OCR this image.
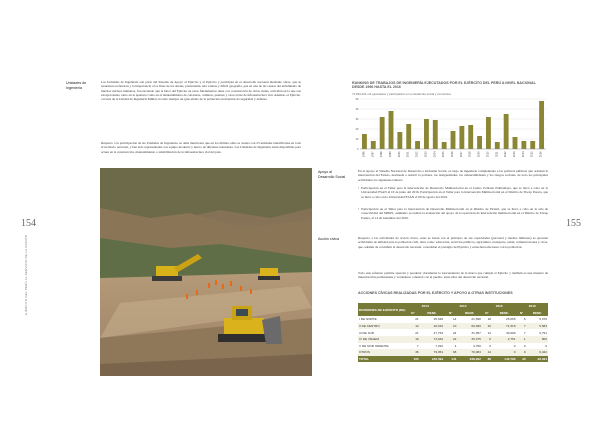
Unidades de Ingeniería
Las Unidades de Ingeniería son parte del Sistema de Apoyo al Ejército y al Ejército y participan en el desarrollo nacional mediante obras, que se resuelven en función y la importancia a los fines de los Andes, presentando una valiosa y difícil geografía, que en una de las causas del aislamiento de muchos núcleos humanos, favoreciendo que la labor del Ejército en estos fundamentos tiene a la construcción de obras viales, actividad en la que son excepcionales, tanto en la apertura como en el mantenimiento de carreteras, caminos, puentes y otros obras de infraestructura vial. Además, el Ejército, a través de la Unidad de Ingeniería Militar, ha sido siempre un gran aliado de la población en materias de seguridad y defensa.
Respecto a la participación de las Unidades de Ingeniería, se debe mencionar que en los últimos años se cuenta con 23 unidades identificadas en todo el territorio nacional, y han sido representadas con equipo moderno y nuevo de diferente naturaleza. Las Unidades de Ingeniería están disponibles para actuar en la construcción, mantenimiento o rehabilitación de la infraestructura vial del país.
154
EJÉRCITO DEL PERÚ AL SERVICIO DE LA NACIÓN
RANKING DE TRABAJOS DE INGENIERÍA EJECUTADOS POR EL EJÉRCITO DEL PERÚ A NIVEL NACIONAL DESDE 1996 HASTA EL 2016
71,694,231 m2 ejecutados y participación en el desarrollo social y económico
0
10
20
30
40
50
1996 1997 1998 1999 2000 2001 2002 2003 2004 2005 2006 2007 2008 2009 2010 2011 2012 2013 2014 2015 2016
Apoyo al Desarrollo Social
En el Apoyo al Sistema Nacional de Desarrollo e Inclusión Social, el cargo de ingeniería complementa a las políticas públicas que orientan la intervención del Estado, destinada a reducir la pobreza, las desigualdades, las vulnerabilidades y los riesgos sociales, de todo los principales actividades los siguientes talleres:
• Participación en el Taller para la intervención de Desarrollo Multisectorial en el Centro Poblado Palmaldaya, que se llevó a cabo en la Universidad ESAN el 16 de junio del 2016. Participación en el Taller para la intervención Multisectorial en el Distrito de Tiwap Pazara, que se llevó a cabo en la Universidad ESAN el 09 de agosto del 2016.
• Participación en el Taller para la intervención de Desarrollo Multisectorial en el Distrito de Pichari, que se llevó a cabo en la sala de conectividad del MIDIS, asimismo se realizó la evaluación del apoyo de la operación de intervención multisectorial en el Distrito de Tiwap Pazara, el 14 de setiembre del 2016.
Acción cívica	Respecto a las actividades de acción cívica, estas se basan con el principio de sus capacidades (personal y medios militares) se ejecutan actividades de utilidad para la población civil, tales como: educación, servicios públicos, agricultura, transporte, salud, comunicaciones y otros, que, además de contribuir al desarrollo nacional, consolidan el prestigio del Ejército y estrechan relaciones con la población.
Todo este esfuerzo permite apreciar y ponderar claramente la trascendencia de la marca que cumple el Ejército y también es una muestra de muestras más permanentes y verdaderas cohesión con el pueblo, entre ellos del desarrollo nacional.
ACCIONES CÍVICAS REALIZADAS POR EL EJÉRCITO Y APOYO A OTRAS INSTITUCIONES
DIVISIONES DE EJÉRCITO (DE)	2013		2014		2015		2016	
	N°	BENF.	N°	BENF.	N°	BENF.	N°	BENF.
I DE NORTE	21	25,648	14	21,598	18	25,065	6	5,070
II DE CENTRO	12	26,610	10	69,399	10	71,518	7	5,583
III DE SUR	21	47,753	24	31,057	14	40,009	7	9,791
IV DE VRAEM	19	74,632	22	35,375	6	2,751	1	800
V DE NOR ORIENTE	7	7,010	4	4,750	0	0	0	0
OTROS	36	79,851	68	79,083	14	0	9	6,422
TOTAL	105	240,594	141	238,262	80	140,790	33	28,034
155
